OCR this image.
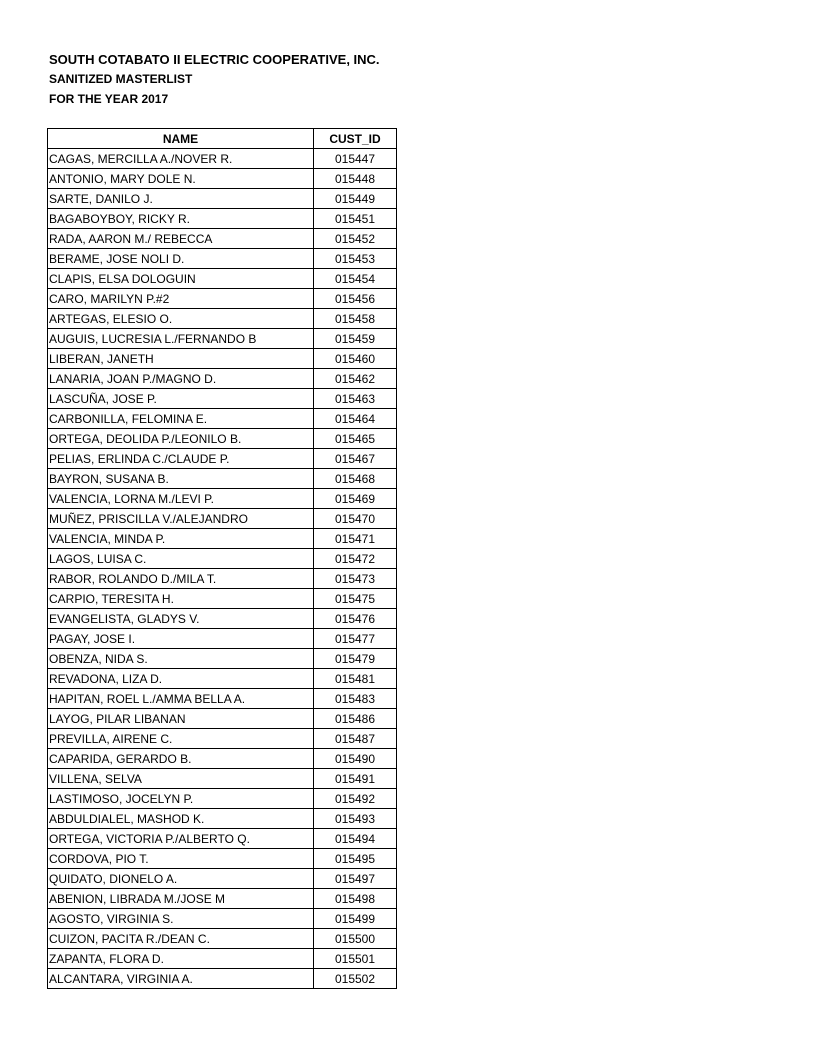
SOUTH COTABATO II ELECTRIC COOPERATIVE, INC.
SANITIZED MASTERLIST
FOR THE YEAR 2017
NAME	CUST_ID
CAGAS, MERCILLA A./NOVER R.	015447
ANTONIO, MARY DOLE N.	015448
SARTE, DANILO J.	015449
BAGABOYBOY, RICKY R.	015451
RADA, AARON M./ REBECCA	015452
BERAME, JOSE NOLI D.	015453
CLAPIS, ELSA DOLOGUIN	015454
CARO, MARILYN P.#2	015456
ARTEGAS, ELESIO O.	015458
AUGUIS, LUCRESIA L./FERNANDO B	015459
LIBERAN, JANETH	015460
LANARIA, JOAN P./MAGNO D.	015462
LASCUÑA, JOSE P.	015463
CARBONILLA, FELOMINA E.	015464
ORTEGA, DEOLIDA P./LEONILO B.	015465
PELIAS, ERLINDA C./CLAUDE P.	015467
BAYRON, SUSANA B.	015468
VALENCIA, LORNA M./LEVI P.	015469
MUÑEZ, PRISCILLA V./ALEJANDRO	015470
VALENCIA, MINDA P.	015471
LAGOS, LUISA C.	015472
RABOR, ROLANDO D./MILA T.	015473
CARPIO, TERESITA H.	015475
EVANGELISTA, GLADYS V.	015476
PAGAY, JOSE I.	015477
OBENZA, NIDA S.	015479
REVADONA, LIZA D.	015481
HAPITAN, ROEL L./AMMA BELLA A.	015483
LAYOG, PILAR LIBANAN	015486
PREVILLA, AIRENE C.	015487
CAPARIDA, GERARDO B.	015490
VILLENA, SELVA	015491
LASTIMOSO, JOCELYN P.	015492
ABDULDIALEL, MASHOD K.	015493
ORTEGA, VICTORIA P./ALBERTO Q.	015494
CORDOVA, PIO T.	015495
QUIDATO, DIONELO A.	015497
ABENION, LIBRADA M./JOSE M	015498
AGOSTO, VIRGINIA S.	015499
CUIZON, PACITA R./DEAN C.	015500
ZAPANTA, FLORA D.	015501
ALCANTARA, VIRGINIA A.	015502
